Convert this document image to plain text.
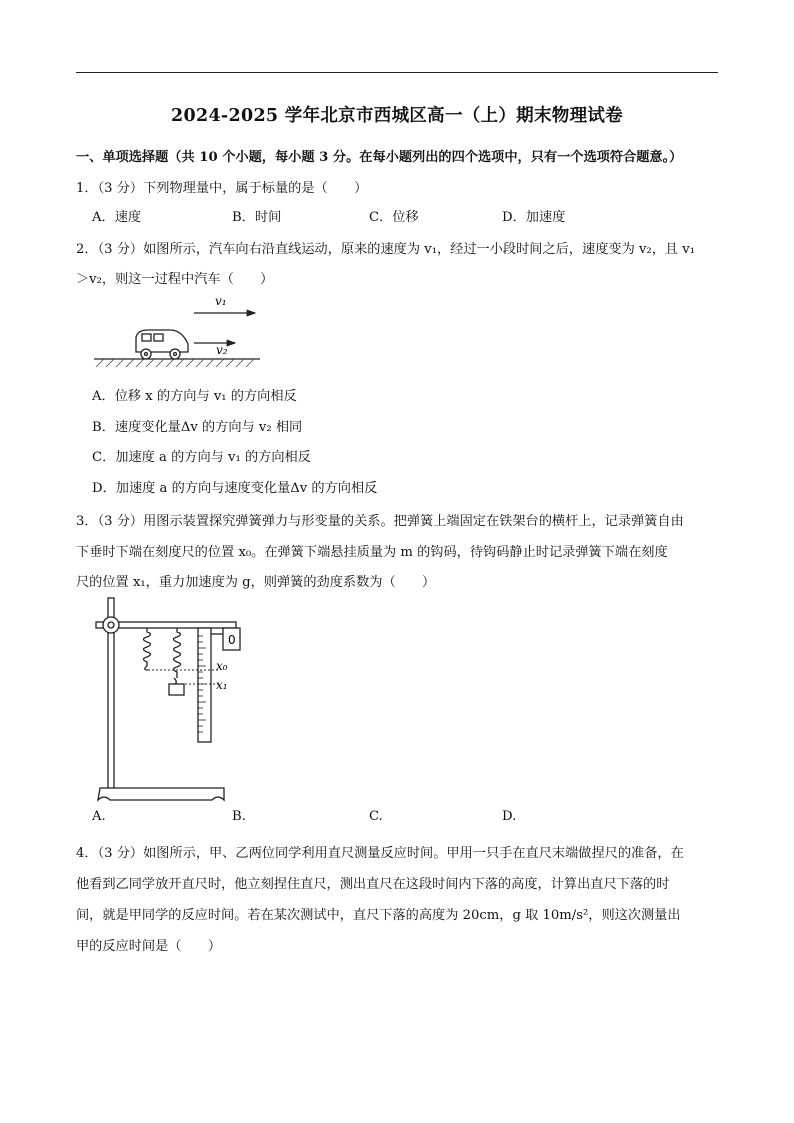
2024-2025 学年北京市西城区高一（上）期末物理试卷
一、单项选择题（共 10 个小题，每小题 3 分。在每小题列出的四个选项中，只有一个选项符合题意。）
1．（3 分）下列物理量中，属于标量的是（　　）
A．速度	B．时间	C．位移	D．加速度
2．（3 分）如图所示，汽车向右沿直线运动，原来的速度为 v₁，经过一小段时间之后，速度变为 v₂，且 v₁
＞v₂，则这一过程中汽车（　　）
v₁
v₂
A．位移 x 的方向与 v₁ 的方向相反
B．速度变化量Δv 的方向与 v₂ 相同
C．加速度 a 的方向与 v₁ 的方向相反
D．加速度 a 的方向与速度变化量Δv 的方向相反
3．（3 分）用图示装置探究弹簧弹力与形变量的关系。把弹簧上端固定在铁架台的横杆上，记录弹簧自由
下垂时下端在刻度尺的位置 x₀。在弹簧下端悬挂质量为 m 的钩码，待钩码静止时记录弹簧下端在刻度
尺的位置 x₁，重力加速度为 g，则弹簧的劲度系数为（　　）
0
x₀
x₁
A.	B.	C.	D.
4．（3 分）如图所示，甲、乙两位同学利用直尺测量反应时间。甲用一只手在直尺末端做捏尺的准备，在
他看到乙同学放开直尺时，他立刻捏住直尺，测出直尺在这段时间内下落的高度，计算出直尺下落的时
间，就是甲同学的反应时间。若在某次测试中，直尺下落的高度为 20cm，g 取 10m/s²，则这次测量出
甲的反应时间是（　　）
